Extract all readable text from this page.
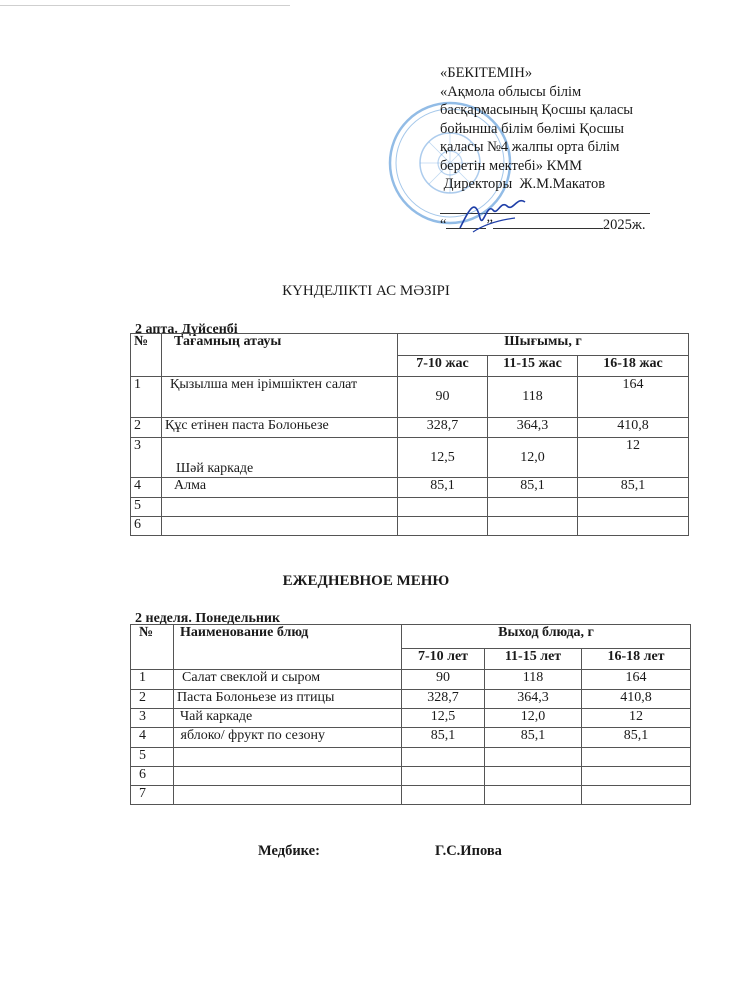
«БЕКІТЕМІН»
«Ақмола облысы білім
басқармасының Қосшы қаласы
бойынша білім бөлімі Қосшы
қаласы №4 жалпы орта білім
беретін мектебі» КММ
Директоры  Ж.М.Макатов
“	”	2025ж.
КҮНДЕЛІКТІ АС МӘЗІРІ
2 апта. Дүйсенбі
№	Тағамның атауы	Шығымы, г		
		7-10 жас	11-15 жас	16-18 жас
1	Қызылша мен ірімшіктен салат	90	118	164
2	Құс етінен паста Болоньезе	328,7	364,3	410,8
3	Шәй каркаде	12,5	12,0	12
4	Алма	85,1	85,1	85,1
5				
6				
ЕЖЕДНЕВНОЕ МЕНЮ
2 неделя. Понедельник
№	Наименование блюд	Выход блюда, г		
		7-10 лет	11-15 лет	16-18 лет
1	Салат свеклой и сыром	90	118	164
2	Паста Болоньезе из птицы	328,7	364,3	410,8
3	Чай каркаде	12,5	12,0	12
4	яблоко/ фрукт по сезону	85,1	85,1	85,1
5				
6				
7				
Медбике:	Г.С.Ипова
